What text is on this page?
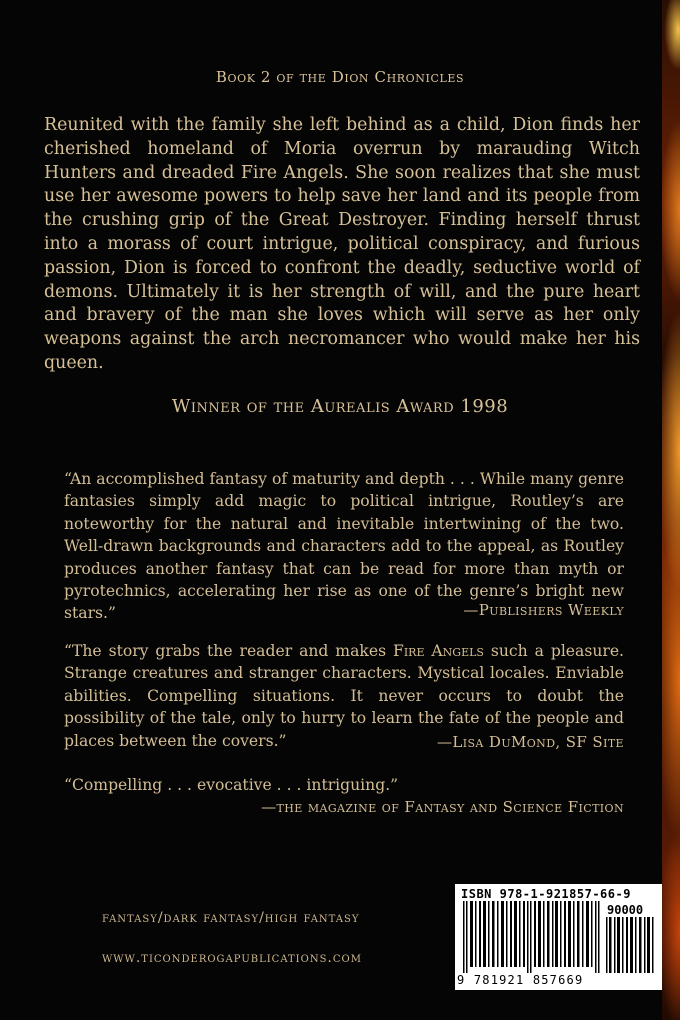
Book 2 of the Dion Chronicles
Reunited with the family she left behind as a child, Dion finds her cherished homeland of Moria overrun by marauding Witch Hunters and dreaded Fire Angels. She soon realizes that she must use her awesome powers to help save her land and its people from the crushing grip of the Great Destroyer. Finding herself thrust into a morass of court intrigue, political conspiracy, and furious passion, Dion is forced to confront the deadly, seductive world of demons. Ultimately it is her strength of will, and the pure heart and bravery of the man she loves which will serve as her only weapons against the arch necromancer who would make her his queen.
Winner of the Aurealis Award 1998
“An accomplished fantasy of maturity and depth . . . While many genre fantasies simply add magic to political intrigue, Routley’s are noteworthy for the natural and inevitable intertwining of the two. Well-drawn backgrounds and characters add to the appeal, as Routley produces another fantasy that can be read for more than myth or pyrotechnics, accelerating her rise as one of the genre’s bright new stars.”	—Publishers Weekly
“The story grabs the reader and makes Fire Angels such a pleasure. Strange creatures and stranger characters. Mystical locales. Enviable abilities. Compelling situations. It never occurs to doubt the possibility of the tale, only to hurry to learn the fate of the people and places between the covers.”	—Lisa DuMond, SF Site
“Compelling . . . evocative . . . intriguing.”
—the magazine of Fantasy and Science Fiction
fantasy/dark fantasy/high fantasy
www.ticonderogapublications.com
ISBN 978-1-921857-66-9
90000
9 781921 857669
